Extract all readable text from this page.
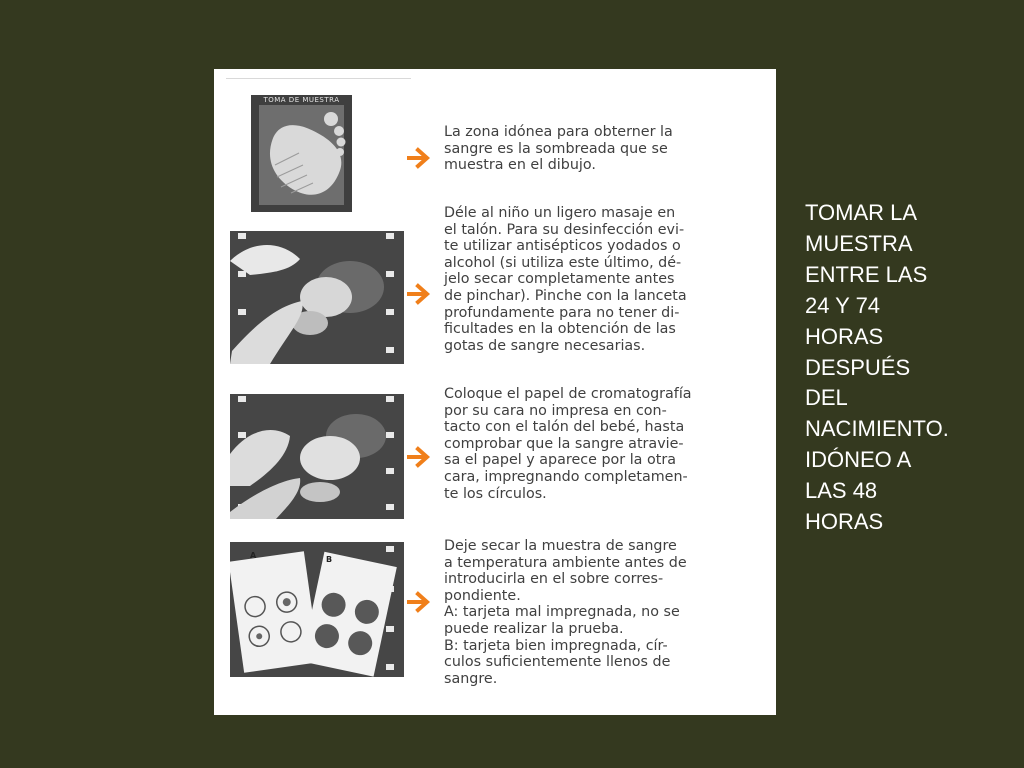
TOMA DE MUESTRA

La zona idónea para obterner la
sangre es la sombreada que se
muestra en el dibujo.

Déle al niño un ligero masaje en
el talón. Para su desinfección evi-
te utilizar antisépticos yodados o
alcohol (si utiliza este último, dé-
jelo secar completamente antes
de pinchar). Pinche con la lanceta
profundamente para no tener di-
ficultades en la obtención de las
gotas de sangre necesarias.

Coloque el papel de cromatografía
por su cara no impresa en con-
tacto con el talón del bebé, hasta
comprobar que la sangre atravie-
sa el papel y aparece por la otra
cara, impregnando completamen-
te los círculos.

A	B

Deje secar la muestra de sangre
a temperatura ambiente antes de
introducirla en el sobre corres-
pondiente.
A: tarjeta mal impregnada, no se
puede realizar la prueba.
B: tarjeta bien impregnada, cír-
culos suficientemente llenos de
sangre.

TOMAR LA
MUESTRA
ENTRE LAS
24 Y 74
HORAS
DESPUÉS
DEL
NACIMIENTO.
IDÓNEO A
LAS 48
HORAS
